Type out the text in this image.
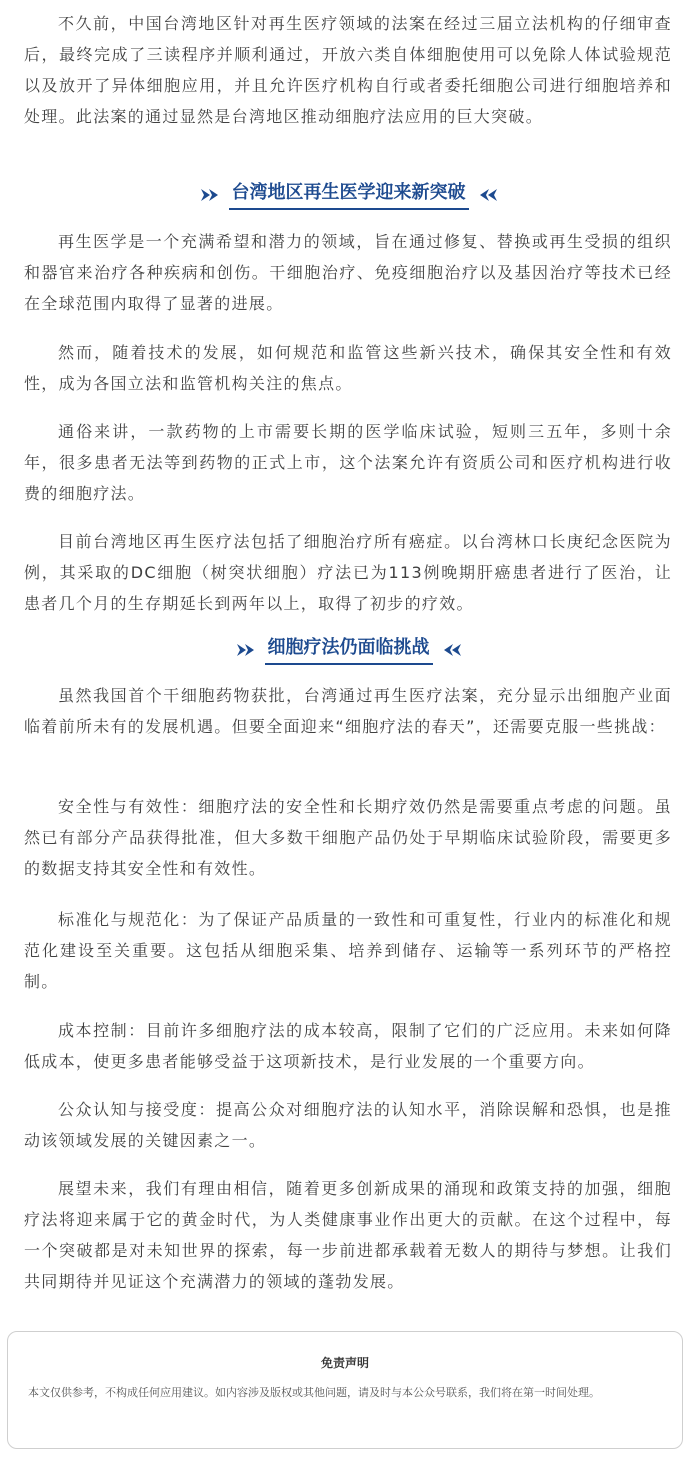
不久前，中国台湾地区针对再生医疗领域的法案在经过三届立法机构的仔细审查后，最终完成了三读程序并顺利通过，开放六类自体细胞使用可以免除人体试验规范以及放开了异体细胞应用，并且允许医疗机构自行或者委托细胞公司进行细胞培养和处理。此法案的通过显然是台湾地区推动细胞疗法应用的巨大突破。

台湾地区再生医学迎来新突破

再生医学是一个充满希望和潜力的领域，旨在通过修复、替换或再生受损的组织和器官来治疗各种疾病和创伤。干细胞治疗、免疫细胞治疗以及基因治疗等技术已经在全球范围内取得了显著的进展。

然而，随着技术的发展，如何规范和监管这些新兴技术，确保其安全性和有效性，成为各国立法和监管机构关注的焦点。

通俗来讲，一款药物的上市需要长期的医学临床试验，短则三五年，多则十余年，很多患者无法等到药物的正式上市，这个法案允许有资质公司和医疗机构进行收费的细胞疗法。

目前台湾地区再生医疗法包括了细胞治疗所有癌症。以台湾林口长庚纪念医院为例，其采取的DC细胞（树突状细胞）疗法已为113例晚期肝癌患者进行了医治，让患者几个月的生存期延长到两年以上，取得了初步的疗效。

细胞疗法仍面临挑战

虽然我国首个干细胞药物获批，台湾通过再生医疗法案，充分显示出细胞产业面临着前所未有的发展机遇。但要全面迎来“细胞疗法的春天”，还需要克服一些挑战：

安全性与有效性：细胞疗法的安全性和长期疗效仍然是需要重点考虑的问题。虽然已有部分产品获得批准，但大多数干细胞产品仍处于早期临床试验阶段，需要更多的数据支持其安全性和有效性。

标准化与规范化：为了保证产品质量的一致性和可重复性，行业内的标准化和规范化建设至关重要。这包括从细胞采集、培养到储存、运输等一系列环节的严格控制。

成本控制：目前许多细胞疗法的成本较高，限制了它们的广泛应用。未来如何降低成本，使更多患者能够受益于这项新技术，是行业发展的一个重要方向。

公众认知与接受度：提高公众对细胞疗法的认知水平，消除误解和恐惧，也是推动该领域发展的关键因素之一。

展望未来，我们有理由相信，随着更多创新成果的涌现和政策支持的加强，细胞疗法将迎来属于它的黄金时代，为人类健康事业作出更大的贡献。在这个过程中，每一个突破都是对未知世界的探索，每一步前进都承载着无数人的期待与梦想。让我们共同期待并见证这个充满潜力的领域的蓬勃发展。

免责声明

本文仅供参考，不构成任何应用建议。如内容涉及版权或其他问题，请及时与本公众号联系，我们将在第一时间处理。
